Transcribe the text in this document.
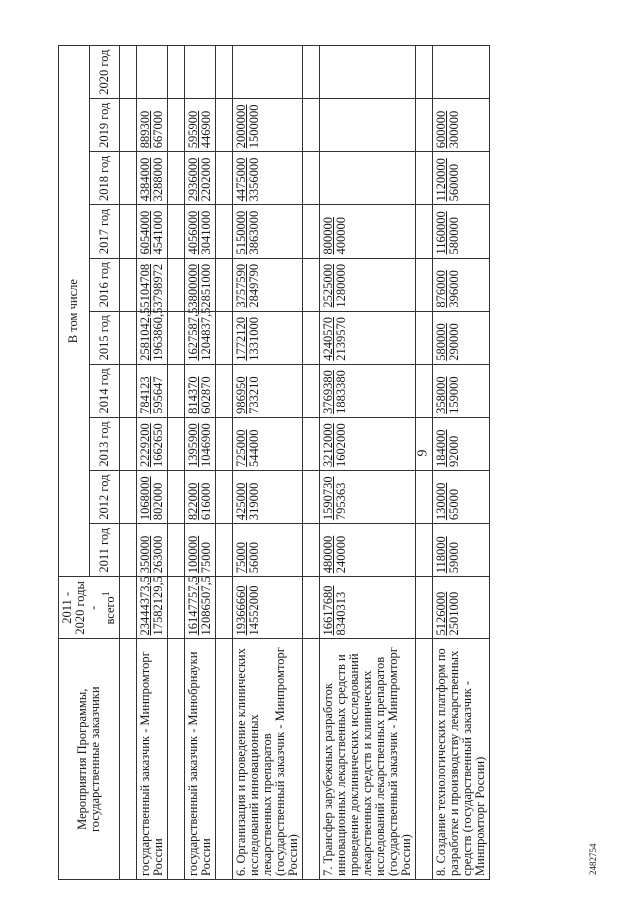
9
Мероприятия Программы, государственные заказчики	2011 - 2020 годы - всего$^1$	В том числе									
		2011 год	2012 год	2013 год	2014 год	2015 год	2016 год	2017 год	2018 год	2019 год	2020 год

государственный заказчик - Минпромторг России	23444373,5 17582129,5	350000 263000	1068000 802000	2229200 1662650	784123 595647	2581042,5 1963860,5	5104708 3798972	6054000 4541000	4384000 3288000	889300 667000	

государственный заказчик - Минобрнауки России	16147757,5 12086507,5	100000 75000	822000 616000	1395900 1046900	814370 602870	1627587,5 1204837,5	3800000 2851000	4056000 3041000	2936000 2202000	595900 446900	

6. Организация и проведение клинических исследований инновационных лекарственных препаратов (государственный заказчик - Минпромторг России)	19366660 14552000	75000 56000	425000 319000	725000 544000	986950 733210	1772120 1331000	3757590 2849790	5150000 3863000	4475000 3356000	2000000 1500000	

7. Трансфер зарубежных разработок инновационных лекарственных средств и проведение доклинических исследований лекарственных средств и клинических исследований лекарственных препаратов (государственный заказчик - Минпромторг России)	16617680 8340313	480000 240000	1590730 795363	3212000 1602000	3769380 1883380	4240570 2139570	2525000 1280000	800000 400000			

8. Создание технологических платформ по разработке и производству лекарственных средств (государственный заказчик - Минпромторг России)	5126000 2501000	118000 59000	130000 65000	184000 92000	358000 159000	580000 290000	876000 396000	1160000 580000	1120000 560000	600000 300000	

2482754
